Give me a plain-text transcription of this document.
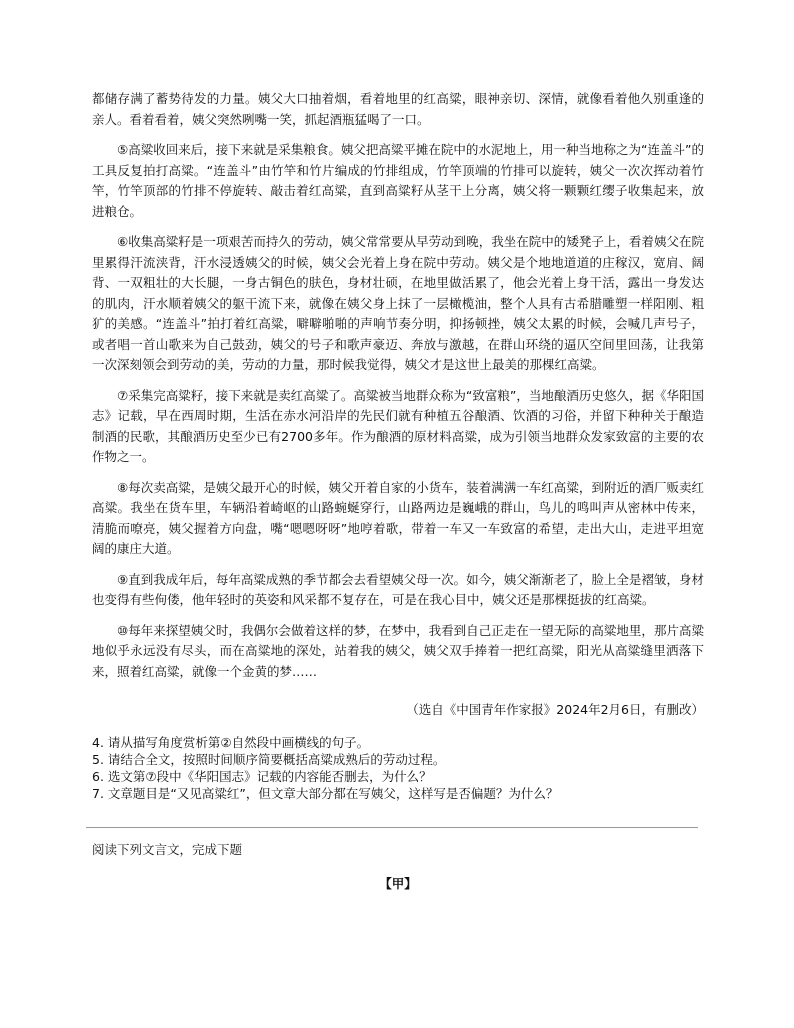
都储存满了蓄势待发的力量。姨父大口抽着烟，看着地里的红高粱，眼神亲切、深情，就像看着他久别重逢的亲人。看着看着，姨父突然咧嘴一笑，抓起酒瓶猛喝了一口。

⑤高粱收回来后，接下来就是采集粮食。姨父把高粱平摊在院中的水泥地上，用一种当地称之为“连盖斗”的工具反复拍打高粱。“连盖斗”由竹竿和竹片编成的竹排组成，竹竿顶端的竹排可以旋转，姨父一次次挥动着竹竿，竹竿顶部的竹排不停旋转、敲击着红高粱，直到高粱籽从茎干上分离，姨父将一颗颗红缨子收集起来，放进粮仓。

⑥收集高粱籽是一项艰苦而持久的劳动，姨父常常要从早劳动到晚，我坐在院中的矮凳子上，看着姨父在院里累得汗流浃背，汗水浸透姨父的时候，姨父会光着上身在院中劳动。姨父是个地地道道的庄稼汉，宽肩、阔背、一双粗壮的大长腿，一身古铜色的肤色，身材壮硕，在地里做活累了，他会光着上身干活，露出一身发达的肌肉，汗水顺着姨父的躯干流下来，就像在姨父身上抹了一层橄榄油，整个人具有古希腊雕塑一样阳刚、粗犷的美感。“连盖斗”拍打着红高粱，噼噼啪啪的声响节奏分明，抑扬顿挫，姨父太累的时候，会喊几声号子，或者唱一首山歌来为自己鼓劲，姨父的号子和歌声豪迈、奔放与激越，在群山环绕的逼仄空间里回荡，让我第一次深刻领会到劳动的美，劳动的力量，那时候我觉得，姨父才是这世上最美的那棵红高粱。

⑦采集完高粱籽，接下来就是卖红高粱了。高粱被当地群众称为“致富粮”，当地酿酒历史悠久，据《华阳国志》记载，早在西周时期，生活在赤水河沿岸的先民们就有种植五谷酿酒、饮酒的习俗，并留下种种关于酿造制酒的民歌，其酿酒历史至少已有2700多年。作为酿酒的原材料高粱，成为引领当地群众发家致富的主要的农作物之一。

⑧每次卖高粱，是姨父最开心的时候，姨父开着自家的小货车，装着满满一车红高粱，到附近的酒厂贩卖红高粱。我坐在货车里，车辆沿着崎岖的山路蜿蜒穿行，山路两边是巍峨的群山，鸟儿的鸣叫声从密林中传来，清脆而嘹亮，姨父握着方向盘，嘴“嗯嗯呀呀”地哼着歌，带着一车又一车致富的希望，走出大山，走进平坦宽阔的康庄大道。

⑨直到我成年后，每年高粱成熟的季节都会去看望姨父母一次。如今，姨父渐渐老了，脸上全是褶皱，身材也变得有些佝偻，他年轻时的英姿和风采都不复存在，可是在我心目中，姨父还是那棵挺拔的红高粱。

⑩每年来探望姨父时，我偶尔会做着这样的梦，在梦中，我看到自己正走在一望无际的高粱地里，那片高粱地似乎永远没有尽头，而在高粱地的深处，站着我的姨父，姨父双手捧着一把红高粱，阳光从高粱缝里洒落下来，照着红高粱，就像一个金黄的梦……

（选自《中国青年作家报》2024年2月6日，有删改）

4. 请从描写角度赏析第②自然段中画横线的句子。

5. 请结合全文，按照时间顺序简要概括高粱成熟后的劳动过程。

6. 选文第⑦段中《华阳国志》记载的内容能否删去，为什么？

7. 文章题目是“又见高粱红”，但文章大部分都在写姨父，这样写是否偏题？为什么？

阅读下列文言文，完成下题
【甲】
